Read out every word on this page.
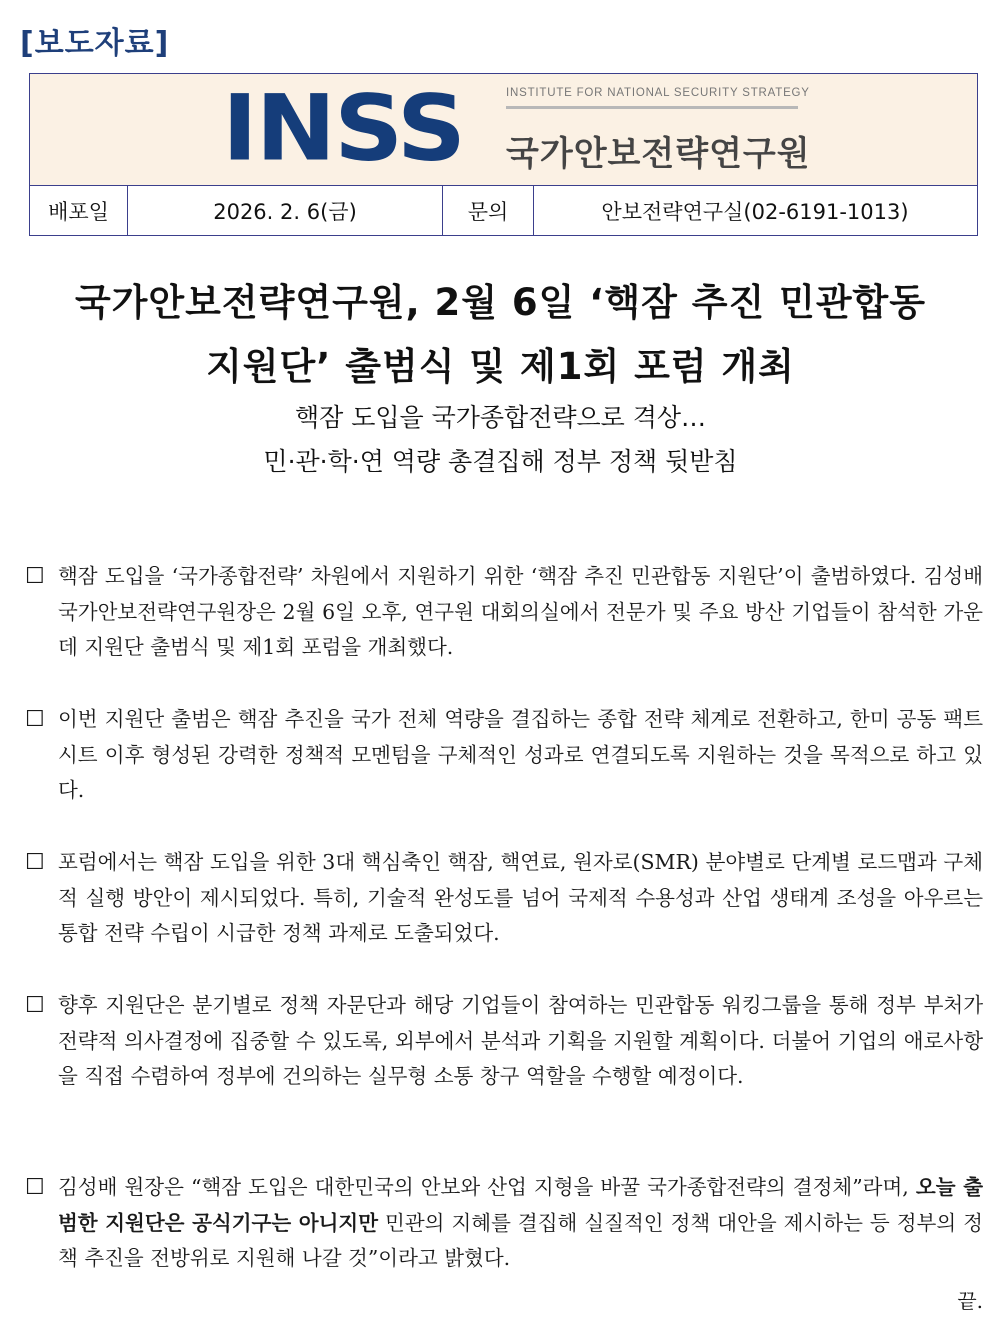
[보도자료]
INSS	INSTITUTE FOR NATIONAL SECURITY STRATEGY
국가안보전략연구원
배포일	2026. 2. 6(금)	문의	안보전략연구실(02-6191-1013)
국가안보전략연구원, 2월 6일 ‘핵잠 추진 민관합동
지원단’ 출범식 및 제1회 포럼 개최
핵잠 도입을 국가종합전략으로 격상…
민·관·학·연 역량 총결집해 정부 정책 뒷받침
☐ 핵잠 도입을 ‘국가종합전략’ 차원에서 지원하기 위한 ‘핵잠 추진 민관합동 지원단’이 출범하였다. 김성배 국가안보전략연구원장은 2월 6일 오후, 연구원 대회의실에서 전문가 및 주요 방산 기업들이 참석한 가운데 지원단 출범식 및 제1회 포럼을 개최했다.
☐ 이번 지원단 출범은 핵잠 추진을 국가 전체 역량을 결집하는 종합 전략 체계로 전환하고, 한미 공동 팩트시트 이후 형성된 강력한 정책적 모멘텀을 구체적인 성과로 연결되도록 지원하는 것을 목적으로 하고 있다.
☐ 포럼에서는 핵잠 도입을 위한 3대 핵심축인 핵잠, 핵연료, 원자로(SMR) 분야별로 단계별 로드맵과 구체적 실행 방안이 제시되었다. 특히, 기술적 완성도를 넘어 국제적 수용성과 산업 생태계 조성을 아우르는 통합 전략 수립이 시급한 정책 과제로 도출되었다.
☐ 향후 지원단은 분기별로 정책 자문단과 해당 기업들이 참여하는 민관합동 워킹그룹을 통해 정부 부처가 전략적 의사결정에 집중할 수 있도록, 외부에서 분석과 기획을 지원할 계획이다. 더불어 기업의 애로사항을 직접 수렴하여 정부에 건의하는 실무형 소통 창구 역할을 수행할 예정이다.
☐ 김성배 원장은 “핵잠 도입은 대한민국의 안보와 산업 지형을 바꿀 국가종합전략의 결정체”라며, 오늘 출범한 지원단은 공식기구는 아니지만 민관의 지혜를 결집해 실질적인 정책 대안을 제시하는 등 정부의 정책 추진을 전방위로 지원해 나갈 것”이라고 밝혔다.
끝.
